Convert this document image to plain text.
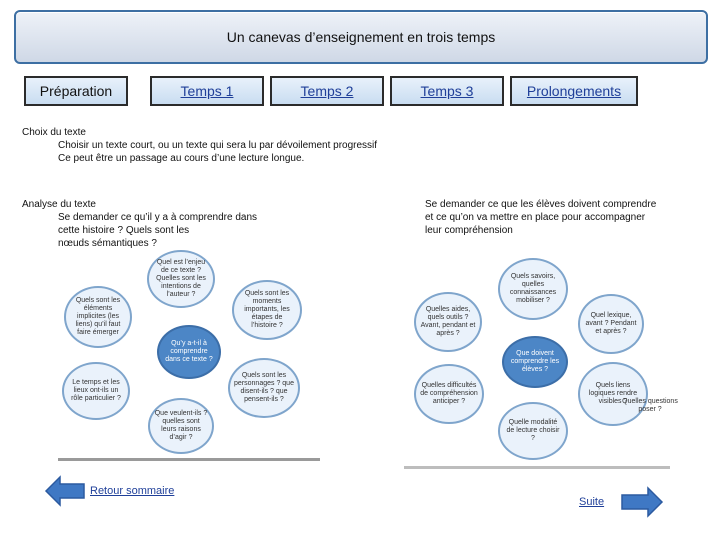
Un canevas d’enseignement en trois temps
Préparation	Temps 1	Temps 2	Temps 3	Prolongements
Choix du texte
Choisir un texte court, ou un texte qui sera lu par dévoilement progressif
Ce peut être un passage au cours d’une lecture longue.
Analyse du texte
Se demander ce qu’il y a à comprendre dans
cette histoire ? Quels sont les
nœuds sémantiques ?
Se demander ce que les élèves doivent comprendre
et ce qu’on va mettre en place pour accompagner
leur compréhension
Qu’y a-t-il à comprendre dans ce texte ?
Quel est l’enjeu de ce texte ? Quelles sont les intentions de l’auteur ?	Quels sont les moments importants, les étapes de l’histoire ?
Quels sont les personnages ? que disent-ils ? que pensent-ils ?
Que veulent-ils ? quelles sont leurs raisons d’agir ?
Le temps et les lieux ont-ils un rôle particulier ?
Quels sont les éléments implicites (les liens) qu’il faut faire émerger
Que doivent comprendre les élèves ?
Quels savoirs, quelles connaissances mobiliser ?
Quel lexique, avant ? Pendant et après ?
Quels liens logiques rendre visibles ?
Quelle modalité de lecture choisir ?
Quelles difficultés de compréhension anticiper ?
Quelles aides, quels outils ? Avant, pendant et après ?
Quelles questions poser ?
Retour sommaire
Suite
